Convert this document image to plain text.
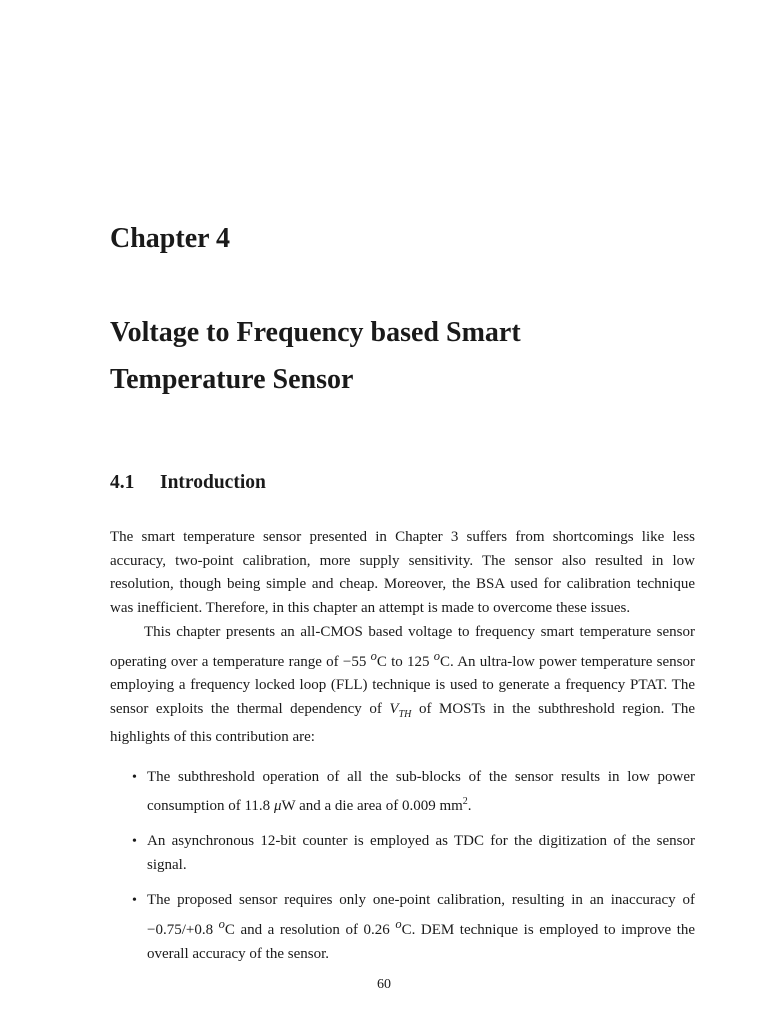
Chapter 4
Voltage to Frequency based Smart
Temperature Sensor
4.1 Introduction

The smart temperature sensor presented in Chapter 3 suffers from shortcomings like less accuracy, two-point calibration, more supply sensitivity. The sensor also resulted in low resolution, though being simple and cheap. Moreover, the BSA used for calibration technique was inefficient. Therefore, in this chapter an attempt is made to overcome these issues.

This chapter presents an all-CMOS based voltage to frequency smart temperature sensor operating over a temperature range of −55 $^o$C to 125 $^o$C. An ultra-low power temperature sensor employing a frequency locked loop (FLL) technique is used to generate a frequency PTAT. The sensor exploits the thermal dependency of $V_{TH}$ of MOSTs in the subthreshold region. The highlights of this contribution are:

• The subthreshold operation of all the sub-blocks of the sensor results in low power consumption of 11.8 μW and a die area of 0.009 $mm^2$.
• An asynchronous 12-bit counter is employed as TDC for the digitization of the sensor signal.
• The proposed sensor requires only one-point calibration, resulting in an inaccuracy of −0.75/+0.8 $^o$C and a resolution of 0.26 $^o$C. DEM technique is employed to improve the overall accuracy of the sensor.
60
